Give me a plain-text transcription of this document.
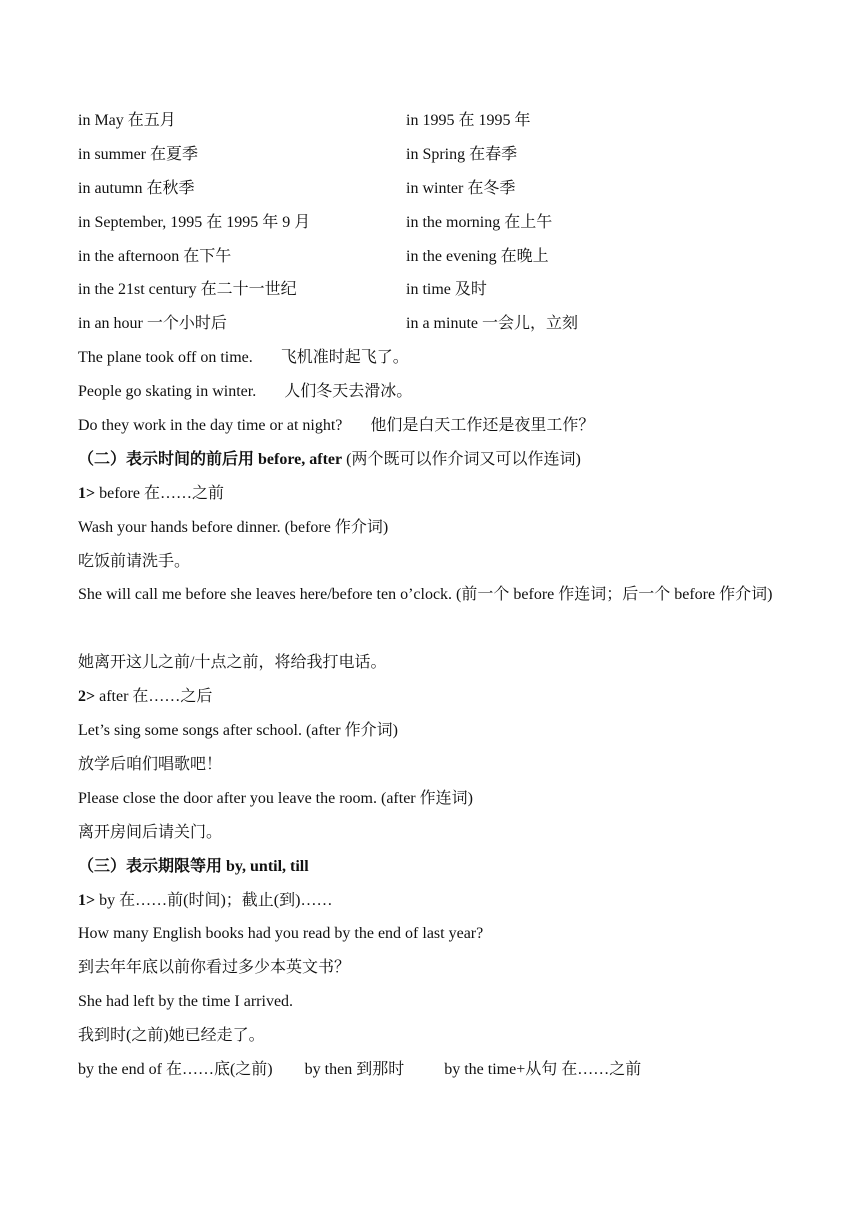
in May 在五月	in 1995 在 1995 年
in summer 在夏季	in Spring 在春季
in autumn 在秋季	in winter 在冬季
in September, 1995 在 1995 年 9 月	in the morning 在上午
in the afternoon 在下午	in the evening 在晚上
in the 21st century 在二十一世纪	in time 及时
in an hour 一个小时后	in a minute 一会儿，立刻
The plane took off on time. 飞机准时起飞了。
People go skating in winter. 人们冬天去滑冰。
Do they work in the day time or at night? 他们是白天工作还是夜里工作？
（二）表示时间的前后用 before, after (两个既可以作介词又可以作连词)
1> before 在……之前
Wash your hands before dinner. (before 作介词)
吃饭前请洗手。
She will call me before she leaves here/before ten o’clock. (前一个 before 作连词；后一个 before 作介词)
她离开这儿之前/十点之前，将给我打电话。
2> after 在……之后
Let’s sing some songs after school. (after 作介词)
放学后咱们唱歌吧！
Please close the door after you leave the room. (after 作连词)
离开房间后请关门。
（三）表示期限等用 by, until, till
1> by 在……前(时间)；截止(到)……
How many English books had you read by the end of last year?
到去年年底以前你看过多少本英文书？
She had left by the time I arrived.
我到时(之前)她已经走了。
by the end of 在……底(之前) by then 到那时	by the time+从句 在……之前
